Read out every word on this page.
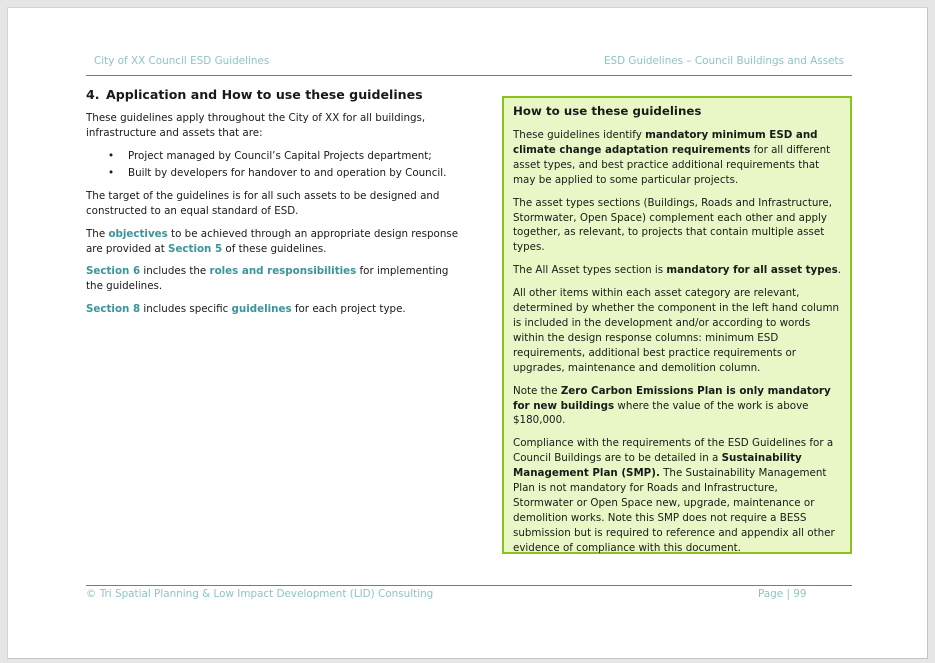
City of XX Council ESD Guidelines	ESD Guidelines – Council Buildings and Assets
4. Application and How to use these guidelines

These guidelines apply throughout the City of XX for all buildings, infrastructure and assets that are:

• Project managed by Council’s Capital Projects department;
• Built by developers for handover to and operation by Council.

The target of the guidelines is for all such assets to be designed and constructed to an equal standard of ESD.

The objectives to be achieved through an appropriate design response are provided at Section 5 of these guidelines.

Section 6 includes the roles and responsibilities for implementing the guidelines.

Section 8 includes specific guidelines for each project type.

How to use these guidelines

These guidelines identify mandatory minimum ESD and climate change adaptation requirements for all different asset types, and best practice additional requirements that may be applied to some particular projects.

The asset types sections (Buildings, Roads and Infrastructure, Stormwater, Open Space) complement each other and apply together, as relevant, to projects that contain multiple asset types.

The All Asset types section is mandatory for all asset types.

All other items within each asset category are relevant, determined by whether the component in the left hand column is included in the development and/or according to words within the design response columns: minimum ESD requirements, additional best practice requirements or upgrades, maintenance and demolition column.

Note the Zero Carbon Emissions Plan is only mandatory for new buildings where the value of the work is above $180,000.

Compliance with the requirements of the ESD Guidelines for a Council Buildings are to be detailed in a Sustainability Management Plan (SMP). The Sustainability Management Plan is not mandatory for Roads and Infrastructure, Stormwater or Open Space new, upgrade, maintenance or demolition works. Note this SMP does not require a BESS submission but is required to reference and appendix all other evidence of compliance with this document.

© Tri Spatial Planning & Low Impact Development (LID) Consulting	Page | 99
